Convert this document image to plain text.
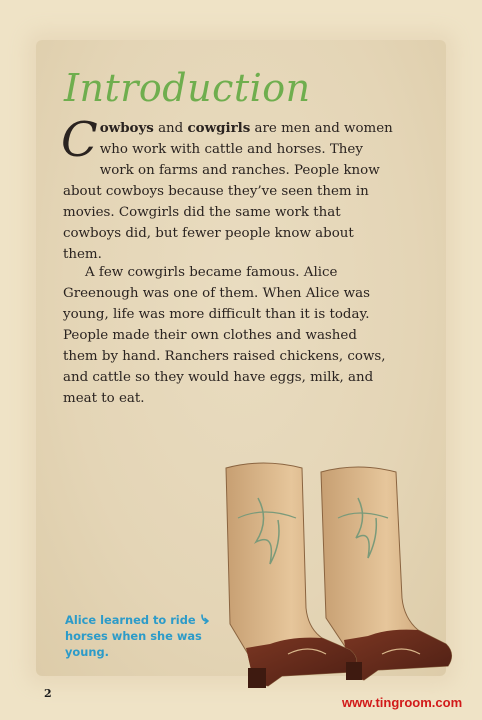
Introduction
Cowboys and cowgirls are men and women who work with cattle and horses. They work on farms and ranches. People know about cowboys because they’ve seen them in movies. Cowgirls did the same work that cowboys did, but fewer people know about them.
A few cowgirls became famous. Alice Greenough was one of them. When Alice was young, life was more difficult than it is today. People made their own clothes and washed them by hand. Ranchers raised chickens, cows, and cattle so they would have eggs, milk, and meat to eat.
Alice learned to ride horses when she was young.
2
www.tingroom.com
